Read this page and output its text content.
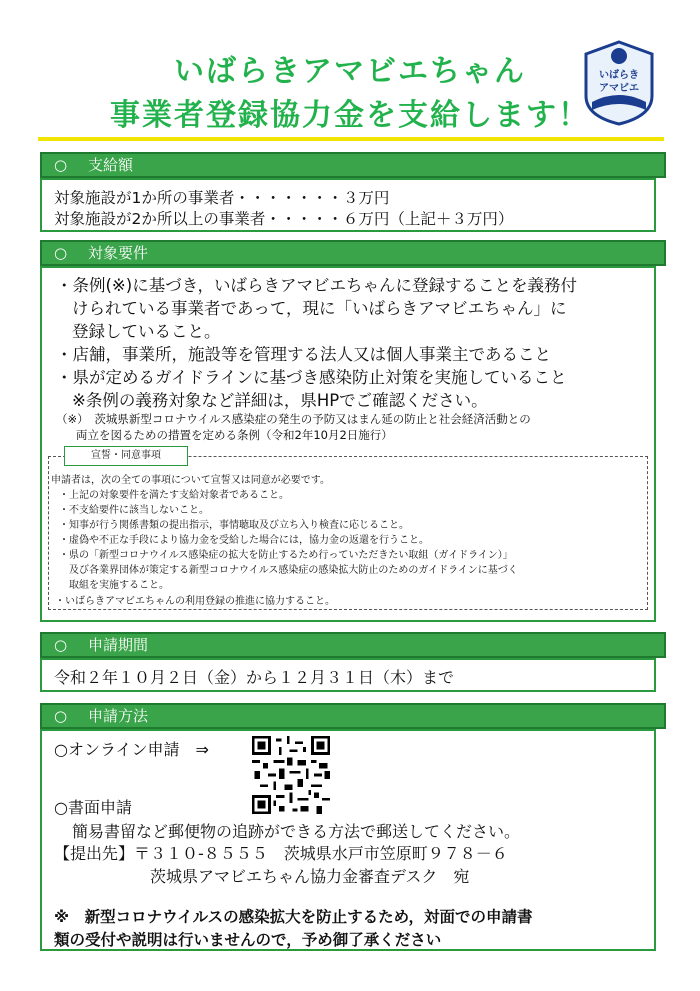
いばらきアマビエちゃん
事業者登録協力金を支給します！
いばらき
アマビエ
○ 支給額
対象施設が1か所の事業者・・・・・・・３万円
対象施設が2か所以上の事業者・・・・・６万円（上記＋３万円）
○ 対象要件
・条例(※)に基づき，いばらきアマビエちゃんに登録することを義務付
けられている事業者であって，現に「いばらきアマビエちゃん」に
登録していること。
・店舗，事業所，施設等を管理する法人又は個人事業主であること
・県が定めるガイドラインに基づき感染防止対策を実施していること
※条例の義務対象など詳細は，県HPでご確認ください。
（※）　茨城県新型コロナウイルス感染症の発生の予防又はまん延の防止と社会経済活動との
両立を図るための措置を定める条例（令和2年10月2日施行）
申請者は，次の全ての事項について宣誓又は同意が必要です。
・上記の対象要件を満たす支給対象者であること。
・不支給要件に該当しないこと。
・知事が行う関係書類の提出指示，事情聴取及び立ち入り検査に応じること。
・虚偽や不正な手段により協力金を受給した場合には，協力金の返還を行うこと。
・県の「新型コロナウイルス感染症の拡大を防止するため行っていただきたい取組（ガイドライン）」
及び各業界団体が策定する新型コロナウイルス感染症の感染拡大防止のためのガイドラインに基づく
取組を実施すること。
・いばらきアマビエちゃんの利用登録の推進に協力すること。
宣誓・同意事項
○ 申請期間
令和２年１０月２日（金）から１２月３１日（木）まで
○ 申請方法
○オンライン申請　⇒
○書面申請
簡易書留など郵便物の追跡ができる方法で郵送してください。
【提出先】〒３１０-８５５５　茨城県水戸市笠原町９７８－６
茨城県アマビエちゃん協力金審査デスク　宛
※　新型コロナウイルスの感染拡大を防止するため，対面での申請書
類の受付や説明は行いませんので，予め御了承ください
